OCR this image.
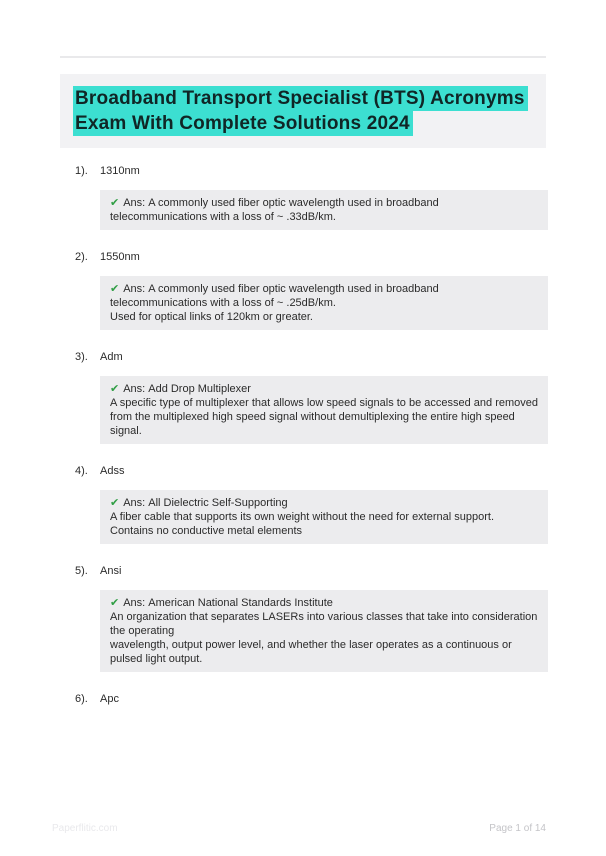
Broadband Transport Specialist (BTS) Acronyms
Exam With Complete Solutions 2024
1).	1310nm
✔ Ans: A commonly used fiber optic wavelength used in broadband telecommunications with a loss of ~ .33dB/km.
2).	1550nm
✔ Ans: A commonly used fiber optic wavelength used in broadband telecommunications with a loss of ~ .25dB/km.
Used for optical links of 120km or greater.
3).	Adm
✔ Ans: Add Drop Multiplexer
A specific type of multiplexer that allows low speed signals to be accessed and removed from the multiplexed high speed signal without demultiplexing the entire high speed signal.
4).	Adss
✔ Ans: All Dielectric Self-Supporting
A fiber cable that supports its own weight without the need for external support. Contains no conductive metal elements
5).	Ansi
✔ Ans: American National Standards Institute
An organization that separates LASERs into various classes that take into consideration the operating
wavelength, output power level, and whether the laser operates as a continuous or pulsed light output.
6).	Apc
Paperflitic.com	Page 1 of 14
